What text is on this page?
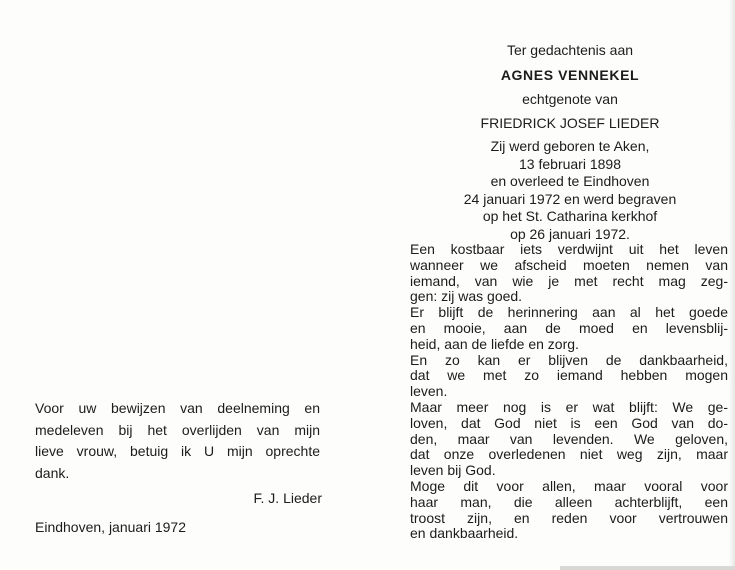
Ter gedachtenis aan
AGNES VENNEKEL
echtgenote van
FRIEDRICK JOSEF LIEDER
Zij werd geboren te Aken,
13 februari 1898
en overleed te Eindhoven
24 januari 1972 en werd begraven
op het St. Catharina kerkhof
op 26 januari 1972.
Een kostbaar iets verdwijnt uit het leven
wanneer we afscheid moeten nemen van
iemand, van wie je met recht mag zeg-
gen: zij was goed.
Er blijft de herinnering aan al het goede
en mooie, aan de moed en levensblij-
heid, aan de liefde en zorg.
En zo kan er blijven de dankbaarheid,
dat we met zo iemand hebben mogen
leven.
Maar meer nog is er wat blijft: We ge-
loven, dat God niet is een God van do-
den, maar van levenden. We geloven,
dat onze overledenen niet weg zijn, maar
leven bij God.
Moge dit voor allen, maar vooral voor
haar man, die alleen achterblijft, een
troost zijn, en reden voor vertrouwen
en dankbaarheid.
Voor uw bewijzen van deelneming en
medeleven bij het overlijden van mijn
lieve vrouw, betuig ik U mijn oprechte
dank.
F. J. Lieder
Eindhoven, januari 1972
